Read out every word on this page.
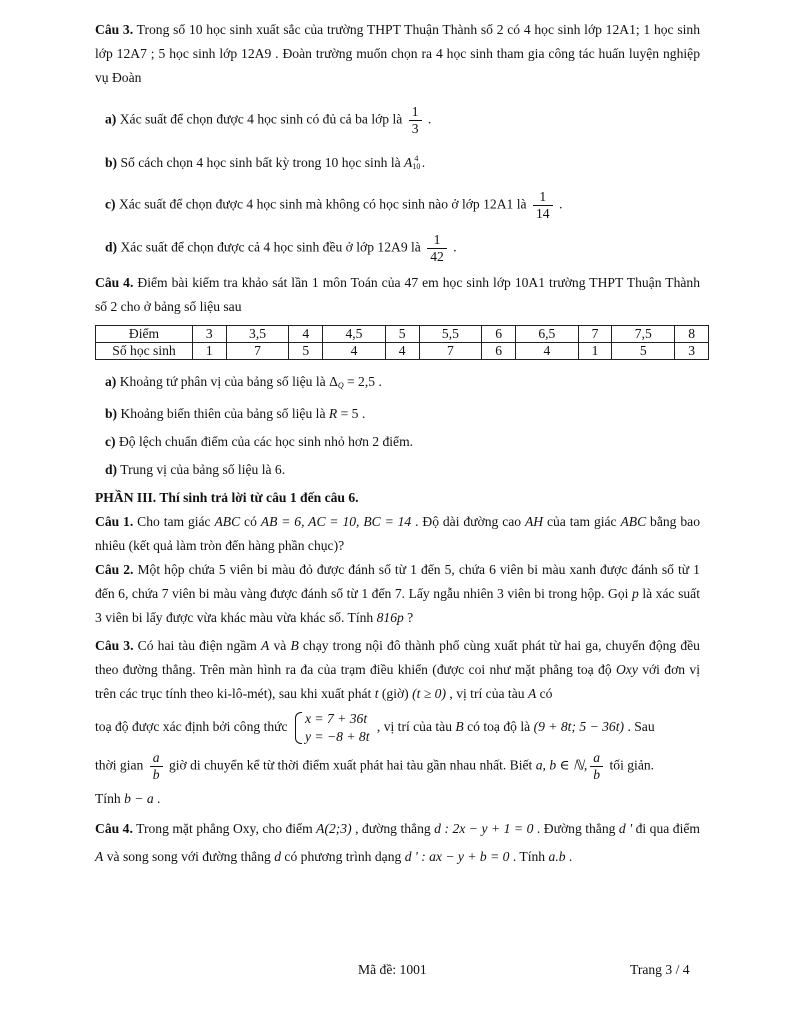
Câu 3. Trong số 10 học sinh xuất sắc của trường THPT Thuận Thành số 2 có 4 học sinh lớp 12A1; 1 học sinh lớp 12A7 ; 5 học sinh lớp 12A9 . Đoàn trường muốn chọn ra 4 học sinh tham gia công tác huấn luyện nghiệp vụ Đoàn

a) Xác suất để chọn được 4 học sinh có đủ cả ba lớp là $\frac{1}{3}$ .

b) Số cách chọn 4 học sinh bất kỳ trong 10 học sinh là $A_{10}^4$ .

c) Xác suất để chọn được 4 học sinh mà không có học sinh nào ở lớp 12A1 là $\frac{1}{14}$ .

d) Xác suất để chọn được cả 4 học sinh đều ở lớp 12A9 là $\frac{1}{42}$ .

Câu 4. Điểm bài kiểm tra khảo sát lần 1 môn Toán của 47 em học sinh lớp 10A1 trường THPT Thuận Thành số 2 cho ở bảng số liệu sau

Điểm	3	3,5	4	4,5	5	5,5	6	6,5	7	7,5	8
Số học sinh	1	7	5	4	4	7	6	4	1	5	3

a) Khoảng tứ phân vị của bảng số liệu là $\Delta_Q = 2,5$ .

b) Khoảng biến thiên của bảng số liệu là R = 5 .

c) Độ lệch chuẩn điểm của các học sinh nhỏ hơn 2 điểm.

d) Trung vị của bảng số liệu là 6.

PHẦN III. Thí sinh trả lời từ câu 1 đến câu 6.

Câu 1. Cho tam giác ABC có AB = 6, AC = 10, BC = 14 . Độ dài đường cao AH của tam giác ABC bằng bao nhiêu (kết quả làm tròn đến hàng phần chục)?

Câu 2. Một hộp chứa 5 viên bi màu đỏ được đánh số từ 1 đến 5, chứa 6 viên bi màu xanh được đánh số từ 1 đến 6, chứa 7 viên bi màu vàng được đánh số từ 1 đến 7. Lấy ngẫu nhiên 3 viên bi trong hộp. Gọi p là xác suất 3 viên bi lấy được vừa khác màu vừa khác số. Tính 816p ?

Câu 3. Có hai tàu điện ngầm A và B chạy trong nội đô thành phố cùng xuất phát từ hai ga, chuyển động đều theo đường thẳng. Trên màn hình ra đa của trạm điều khiển (được coi như mặt phẳng toạ độ Oxy với đơn vị trên các trục tính theo ki-lô-mét), sau khi xuất phát t (giờ) (t ≥ 0) , vị trí của tàu A có

toạ độ được xác định bởi công thức
x = 7 + 36t
y = −8 + 8t
, vị trí của tàu B có toạ độ là (9 + 8t; 5 − 36t) . Sau

thời gian $\frac{a}{b}$ giờ di chuyển kể từ thời điểm xuất phát hai tàu gần nhau nhất. Biết a, b ∈ ℕ, $\frac{a}{b}$ tối giản.

Tính b − a .

Câu 4. Trong mặt phẳng Oxy, cho điểm A(2;3) , đường thẳng d : 2x − y + 1 = 0 . Đường thẳng d ' đi qua điểm A và song song với đường thẳng d có phương trình dạng d ' : ax − y + b = 0 . Tính a.b .

Mã đề: 1001	Trang 3 / 4
